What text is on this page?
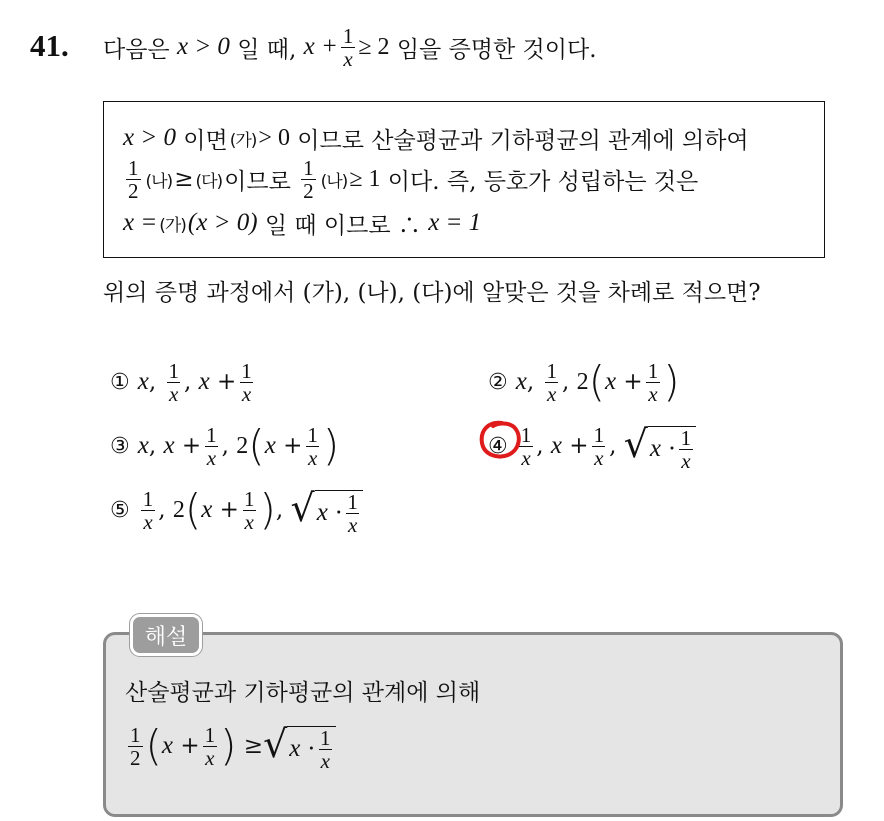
41. 다음은
x > 0
일 때,
$x + \frac{1}{x} \ge 2$
임을 증명한 것이다.
x > 0
이면 (가) > 0
이므로 산술평균과 기하평균의 관계에 의하여
$\frac{1}{2}$ (나) ≥ (다) 이므로
$\frac{1}{2}$ (나) ≥ 1
이다. 즉, 등호가 성립하는 것은
x = (가) (x > 0)
일 때 이므로 ∴
x = 1
위의 증명 과정에서 (가), (나), (다)에 알맞은 것을 차례로 적으면?
① x ,
$\frac{1}{x}$ ,
x
+ $\frac{1}{x}$	② x ,
$\frac{1}{x}$ ,
2 ( x
+ $\frac{1}{x}$ )
③ x ,
x
+ $\frac{1}{x}$ ,
2 ( x
+ $\frac{1}{x}$ )	④ $\frac{1}{x}$ ,
x
+ $\frac{1}{x}$ ,
√ x
· $\frac{1}{x}$
⑤ $\frac{1}{x}$ ,
2 ( x
+ $\frac{1}{x}$ ) ,
√ x
· $\frac{1}{x}$
해설
산술평균과 기하평균의 관계에 의해
$\frac{1}{2}$ ( x
+ $\frac{1}{x}$ )
≥ √ x
· $\frac{1}{x}$
